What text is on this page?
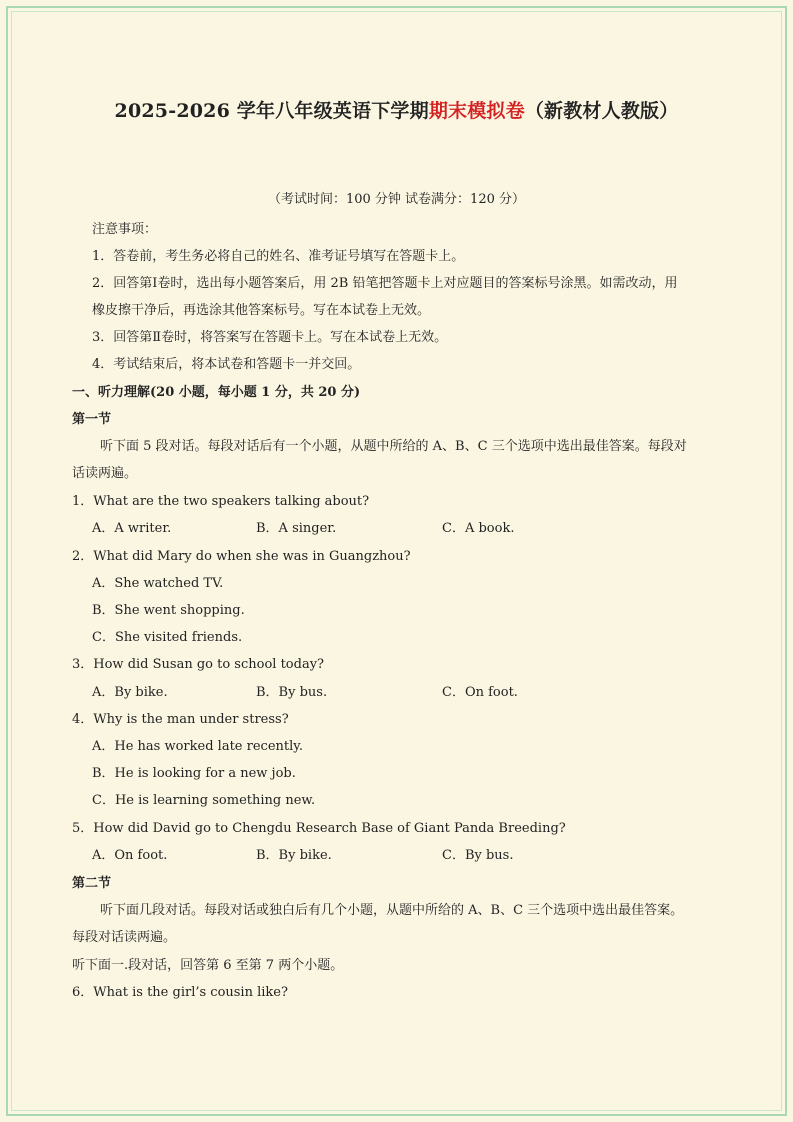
2025-2026 学年八年级英语下学期期末模拟卷（新教材人教版）
（考试时间：100 分钟 试卷满分：120 分）
注意事项：
1．答卷前，考生务必将自己的姓名、准考证号填写在答题卡上。
2．回答第Ⅰ卷时，选出每小题答案后，用 2B 铅笔把答题卡上对应题目的答案标号涂黑。如需改动，用
橡皮擦干净后，再选涂其他答案标号。写在本试卷上无效。
3．回答第Ⅱ卷时，将答案写在答题卡上。写在本试卷上无效。
4．考试结束后，将本试卷和答题卡一并交回。
一、听力理解(20 小题，每小题 1 分，共 20 分)
第一节
听下面 5 段对话。每段对话后有一个小题，从题中所给的 A、B、C 三个选项中选出最佳答案。每段对
话读两遍。
1．What are the two speakers talking about?
A．A writer.	B．A singer.	C．A book.
2．What did Mary do when she was in Guangzhou?
A．She watched TV.
B．She went shopping.
C．She visited friends.
3．How did Susan go to school today?
A．By bike.	B．By bus.	C．On foot.
4．Why is the man under stress?
A．He has worked late recently.
B．He is looking for a new job.
C．He is learning something new.
5．How did David go to Chengdu Research Base of Giant Panda Breeding?
A．On foot.	B．By bike.	C．By bus.
第二节
听下面几段对话。每段对话或独白后有几个小题，从题中所给的 A、B、C 三个选项中选出最佳答案。
每段对话读两遍。
听下面一.段对话，回答第 6 至第 7 两个小题。
6．What is the girl’s cousin like?
